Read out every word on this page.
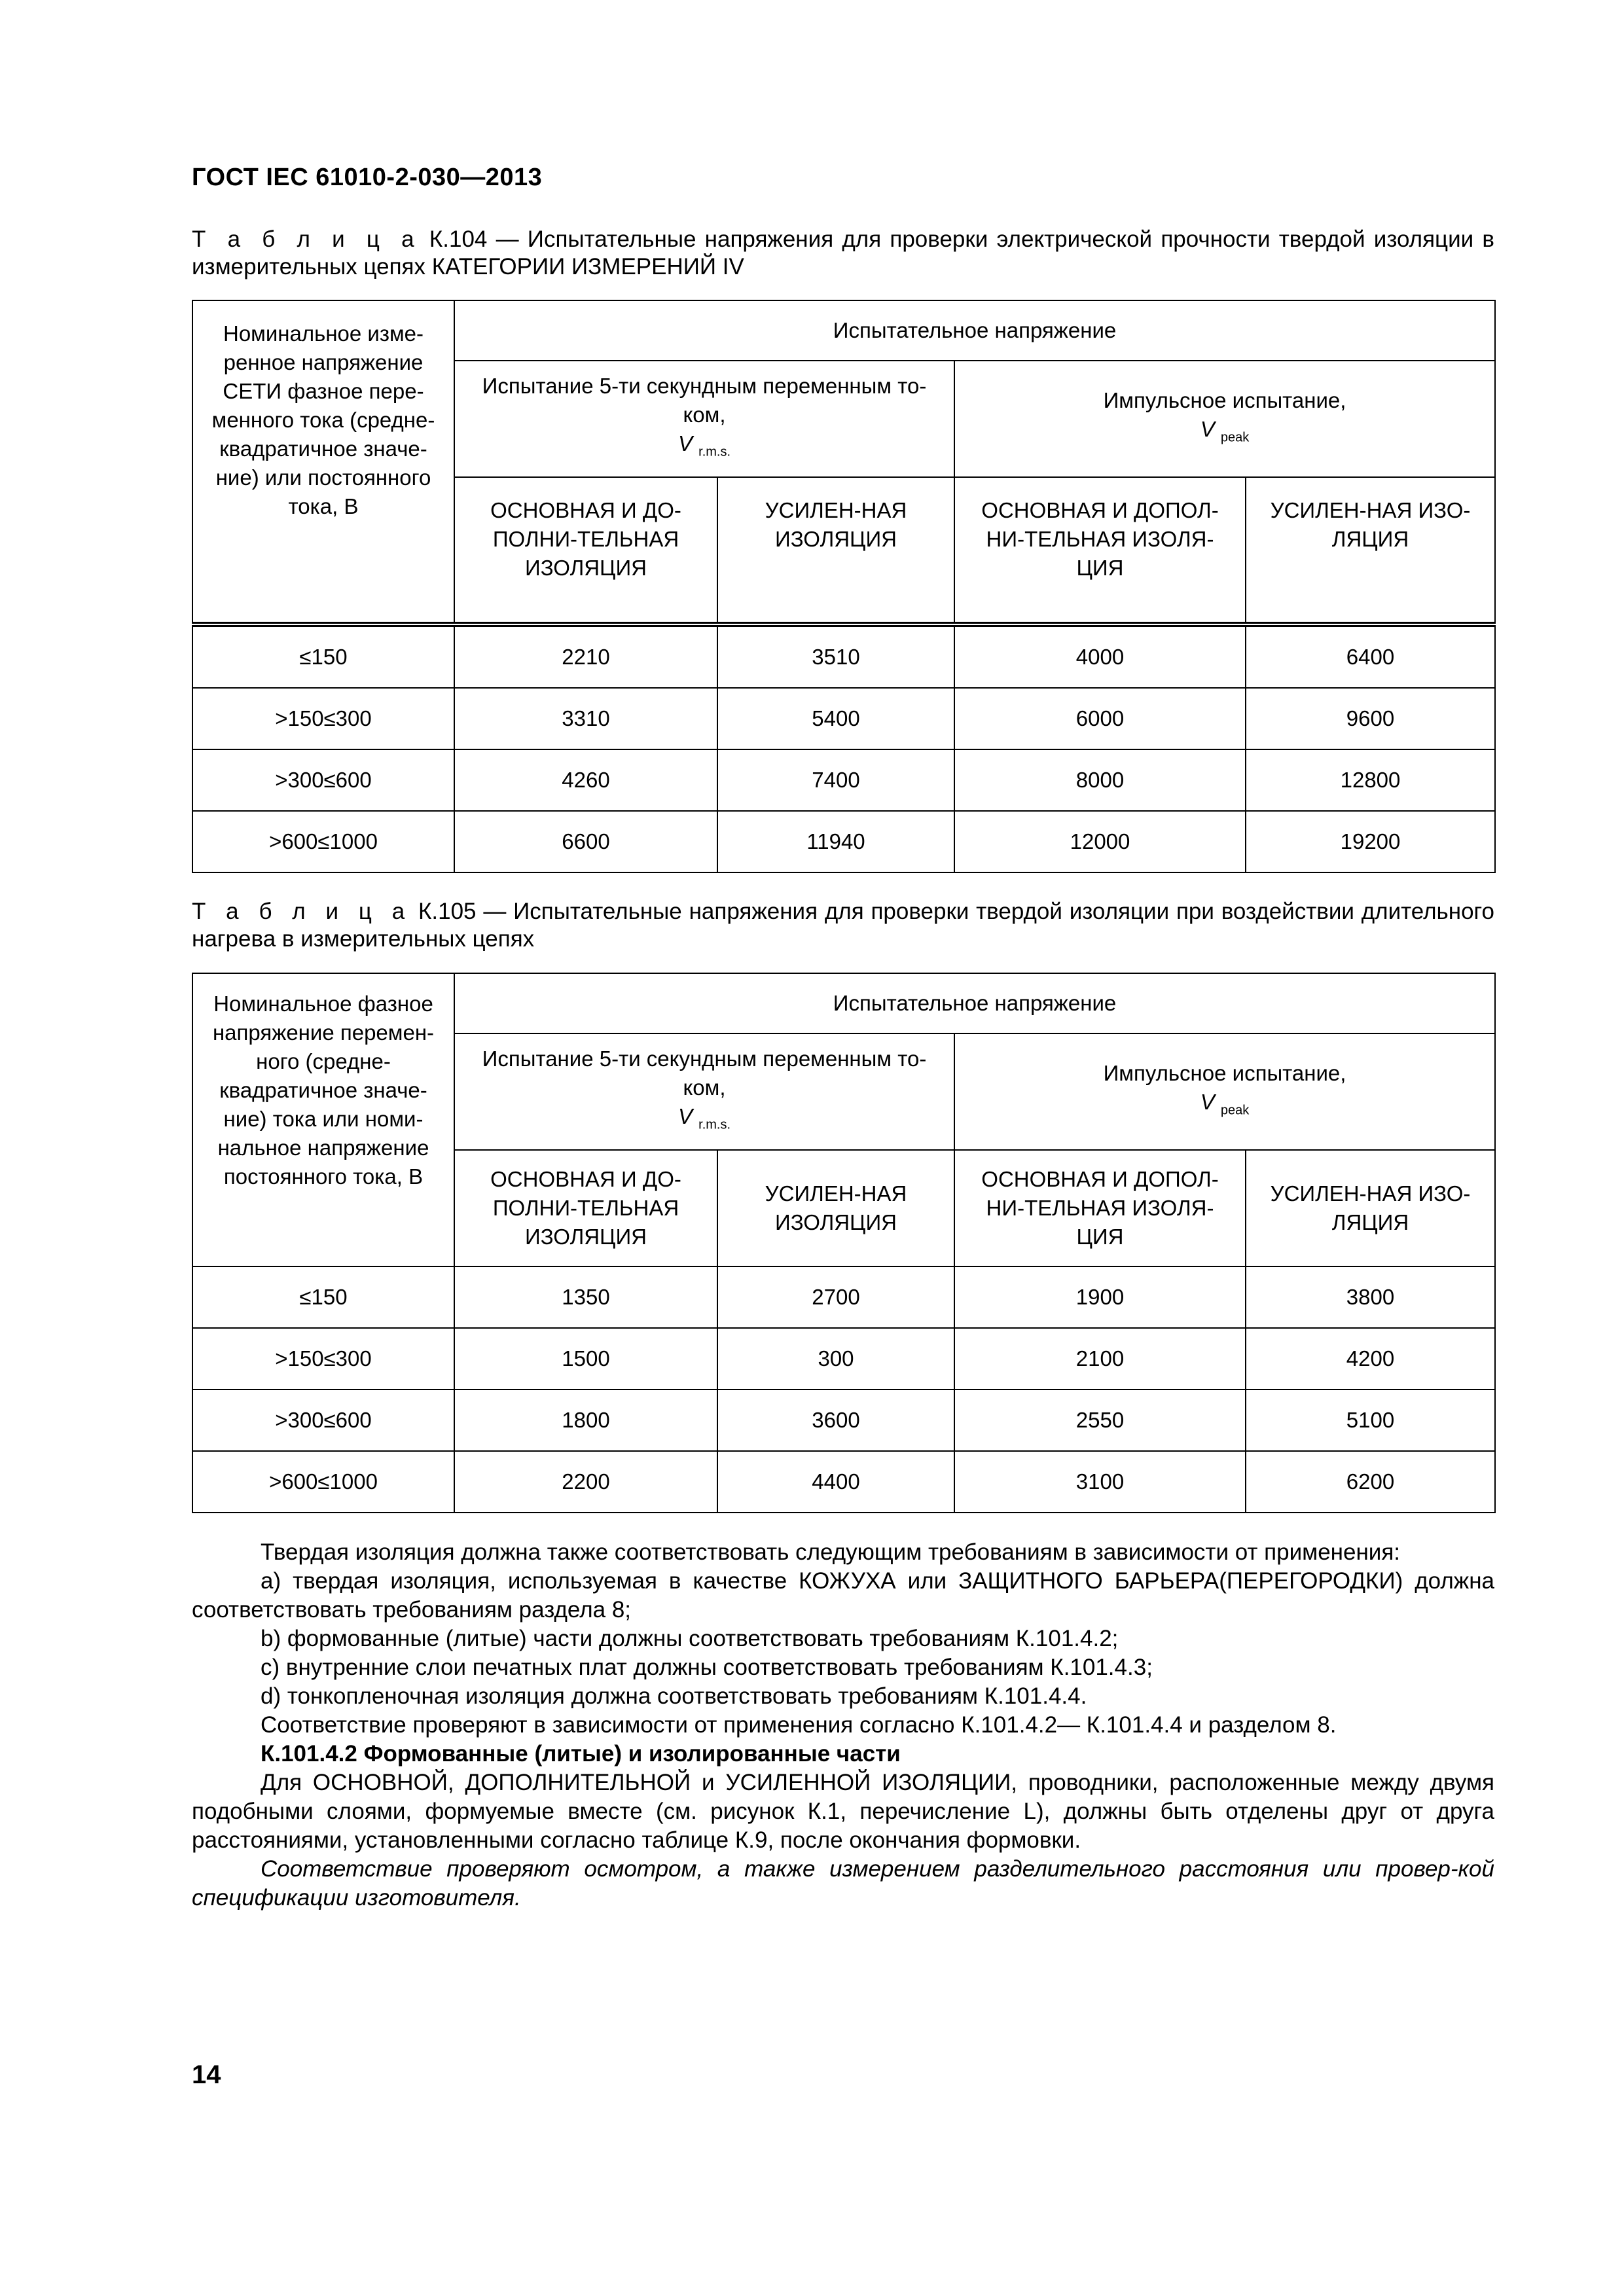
ГОСТ IEC 61010-2-030—2013
Т а б л и ц а К.104 — Испытательные напряжения для проверки электрической прочности твердой изоляции в измерительных цепях КАТЕГОРИИ ИЗМЕРЕНИЙ IV
Номинальное изме-ренное напряжение СЕТИ фазное пере-менного тока (средне-квадратичное значе-ние) или постоянного тока, В	Испытательное напряжение			
	Испытание 5-ти секундным переменным то-ком,
V $_{r.m.s.}$		Импульсное испытание,
V $_{peak}$
	ОСНОВНАЯ И ДО-ПОЛНИ-ТЕЛЬНАЯ ИЗОЛЯЦИЯ	УСИЛЕН-НАЯ ИЗОЛЯЦИЯ	ОСНОВНАЯ И ДОПОЛ-НИ-ТЕЛЬНАЯ ИЗОЛЯ-ЦИЯ	УСИЛЕН-НАЯ ИЗО-ЛЯЦИЯ
≤150	2210	3510	4000	6400
>150≤300	3310	5400	6000	9600
>300≤600	4260	7400	8000	12800
>600≤1000	6600	11940	12000	19200
Т а б л и ц а К.105 — Испытательные напряжения для проверки твердой изоляции при воздействии длительного нагрева в измерительных цепях
Номинальное фазное напряжение перемен-ного (средне-квадратичное значе-ние) тока или номи-нальное напряжение постоянного тока, В	Испытательное напряжение			
	Испытание 5-ти секундным переменным то-ком,
V $_{r.m.s.}$		Импульсное испытание,
V $_{peak}$
	ОСНОВНАЯ И ДО-ПОЛНИ-ТЕЛЬНАЯ ИЗОЛЯЦИЯ	УСИЛЕН-НАЯ ИЗОЛЯЦИЯ	ОСНОВНАЯ И ДОПОЛ-НИ-ТЕЛЬНАЯ ИЗОЛЯ-ЦИЯ	УСИЛЕН-НАЯ ИЗО-ЛЯЦИЯ
≤150	1350	2700	1900	3800
>150≤300	1500	300	2100	4200
>300≤600	1800	3600	2550	5100
>600≤1000	2200	4400	3100	6200

Твердая изоляция должна также соответствовать следующим требованиям в зависимости от применения:

a) твердая изоляция, используемая в качестве КОЖУХА или ЗАЩИТНОГО БАРЬЕРА(ПЕРЕГОРОДКИ) должна соответствовать требованиям раздела 8;

b) формованные (литые) части должны соответствовать требованиям К.101.4.2;

c) внутренние слои печатных плат должны соответствовать требованиям К.101.4.3;

d) тонкопленочная изоляция должна соответствовать требованиям К.101.4.4.

Соответствие проверяют в зависимости от применения согласно К.101.4.2— К.101.4.4 и разделом 8.

К.101.4.2 Формованные (литые) и изолированные части

Для ОСНОВНОЙ, ДОПОЛНИТЕЛЬНОЙ и УСИЛЕННОЙ ИЗОЛЯЦИИ, проводники, расположенные между двумя подобными слоями, формуемые вместе (см. рисунок К.1, перечисление L), должны быть отделены друг от друга расстояниями, установленными согласно таблице К.9, после окончания формовки.

Соответствие проверяют осмотром, а также измерением разделительного расстояния или провер-кой спецификации изготовителя.

14
